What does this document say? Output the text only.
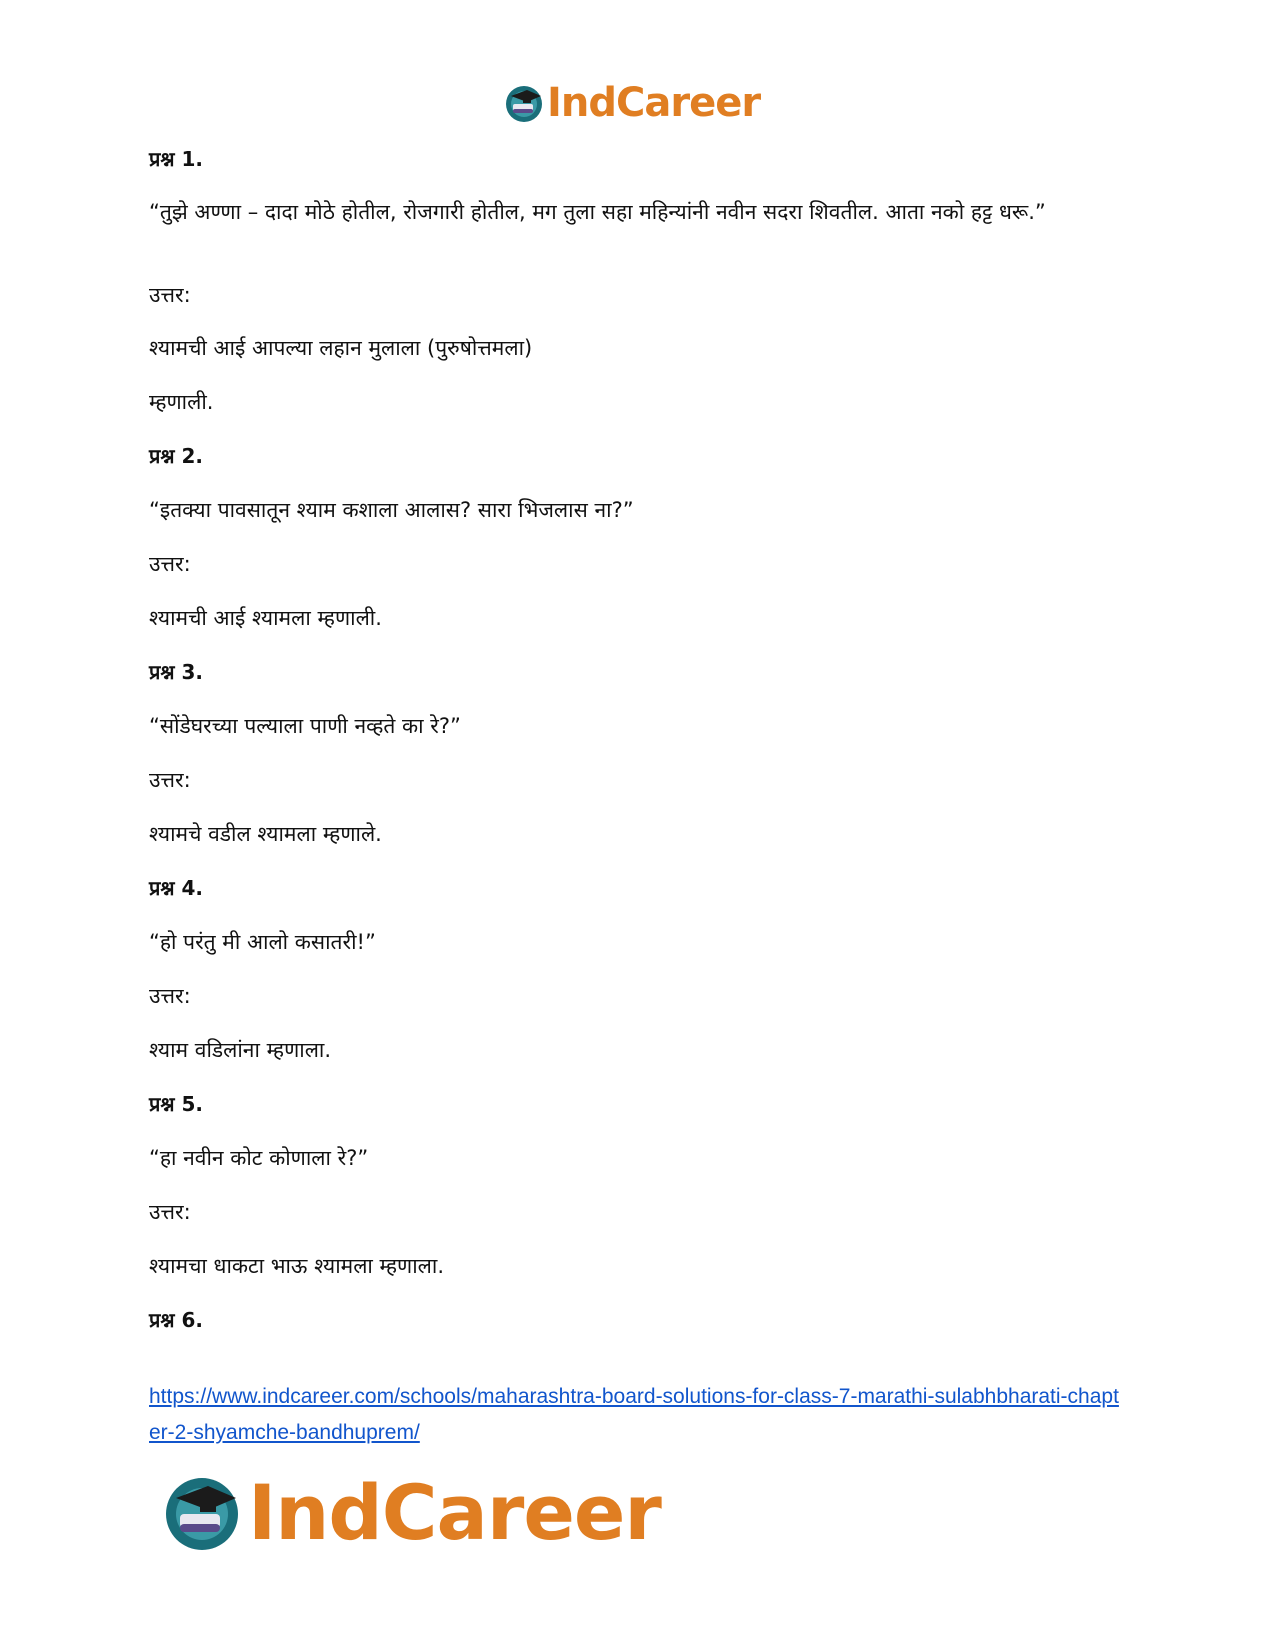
IndCareer

प्रश्न 1.

“तुझे अण्णा – दादा मोठे होतील, रोजगारी होतील, मग तुला सहा महिन्यांनी नवीन सदरा शिवतील. आता नको हट्ट धरू.”

उत्तर:

श्यामची आई आपल्या लहान मुलाला (पुरुषोत्तमला)

म्हणाली.

प्रश्न 2.

“इतक्या पावसातून श्याम कशाला आलास? सारा भिजलास ना?”

उत्तर:

श्यामची आई श्यामला म्हणाली.

प्रश्न 3.

“सोंडेघरच्या पल्याला पाणी नव्हते का रे?”

उत्तर:

श्यामचे वडील श्यामला म्हणाले.

प्रश्न 4.

“हो परंतु मी आलो कसातरी!”

उत्तर:

श्याम वडिलांना म्हणाला.

प्रश्न 5.

“हा नवीन कोट कोणाला रे?”

उत्तर:

श्यामचा धाकटा भाऊ श्यामला म्हणाला.

प्रश्न 6.

https://www.indcareer.com/schools/maharashtra-board-solutions-for-class-7-marathi-sulabhbharati-chapter-2-shyamche-bandhuprem/
IndCareer
